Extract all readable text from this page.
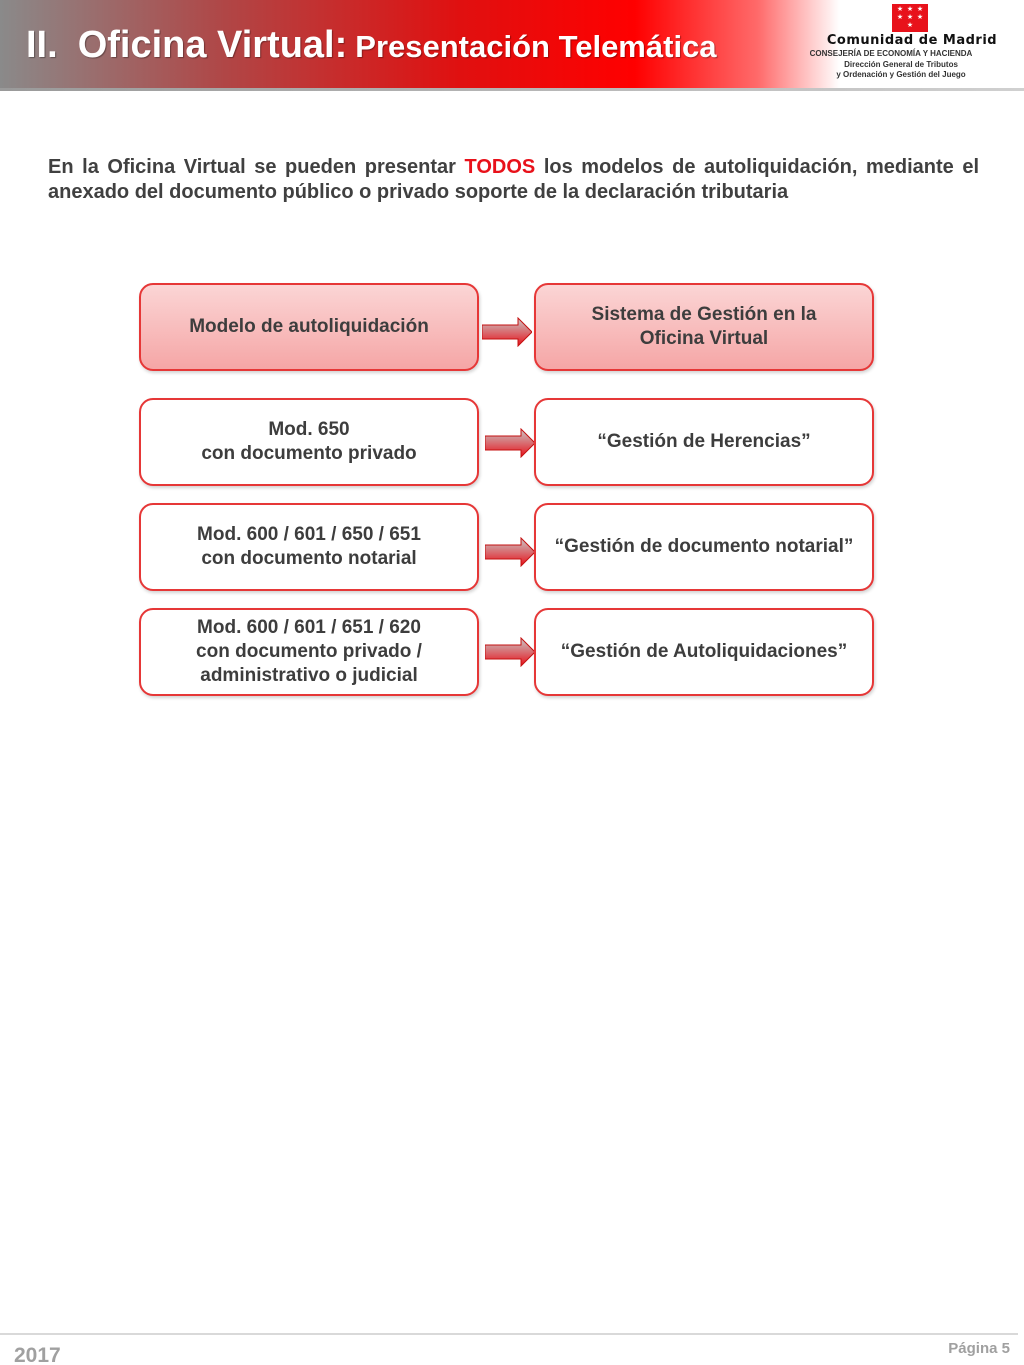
II. Oficina Virtual: Presentación Telemática
★ ★ ★
★ ★ ★
★
Comunidad de Madrid
CONSEJERÍA DE ECONOMÍA Y HACIENDA
Dirección General de Tributos
y Ordenación y Gestión del Juego

En la Oficina Virtual se pueden presentar TODOS los modelos de autoliquidación, mediante el anexado del documento público o privado soporte de la declaración tributaria

Modelo de autoliquidación
Sistema de Gestión en la
Oficina Virtual
Mod. 650
con documento privado
“Gestión de Herencias”
Mod. 600 / 601 / 650 / 651
con documento notarial
“Gestión de documento notarial”
Mod. 600 / 601 / 651 / 620
con documento privado /
administrativo o judicial
“Gestión de Autoliquidaciones”
2017	Página 5
